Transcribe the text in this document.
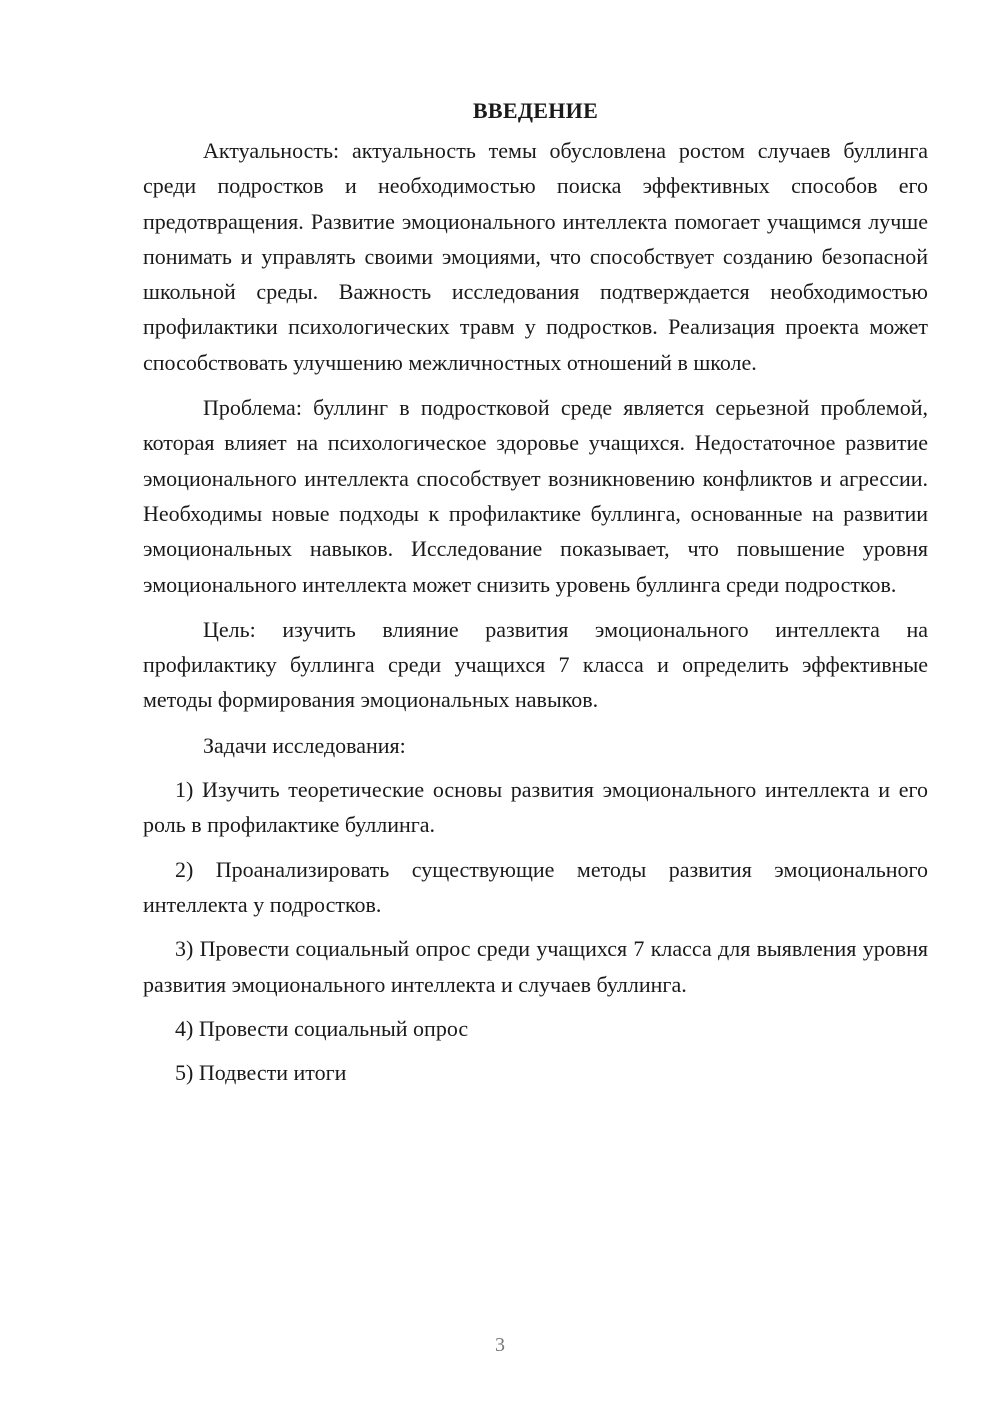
ВВЕДЕНИЕ

Актуальность: актуальность темы обусловлена ростом случаев буллинга среди подростков и необходимостью поиска эффективных способов его предотвращения. Развитие эмоционального интеллекта помогает учащимся лучше понимать и управлять своими эмоциями, что способствует созданию безопасной школьной среды. Важность исследования подтверждается необходимостью профилактики психологических травм у подростков. Реализация проекта может способствовать улучшению межличностных отношений в школе.

Проблема: буллинг в подростковой среде является серьезной проблемой, которая влияет на психологическое здоровье учащихся. Недостаточное развитие эмоционального интеллекта способствует возникновению конфликтов и агрессии. Необходимы новые подходы к профилактике буллинга, основанные на развитии эмоциональных навыков. Исследование показывает, что повышение уровня эмоционального интеллекта может снизить уровень буллинга среди подростков.

Цель: изучить влияние развития эмоционального интеллекта на профилактику буллинга среди учащихся 7 класса и определить эффективные методы формирования эмоциональных навыков.

Задачи исследования:

1) Изучить теоретические основы развития эмоционального интеллекта и его роль в профилактике буллинга.

2) Проанализировать существующие методы развития эмоционального интеллекта у подростков.

3) Провести социальный опрос среди учащихся 7 класса для выявления уровня развития эмоционального интеллекта и случаев буллинга.

4) Провести социальный опрос

5) Подвести итоги

3
